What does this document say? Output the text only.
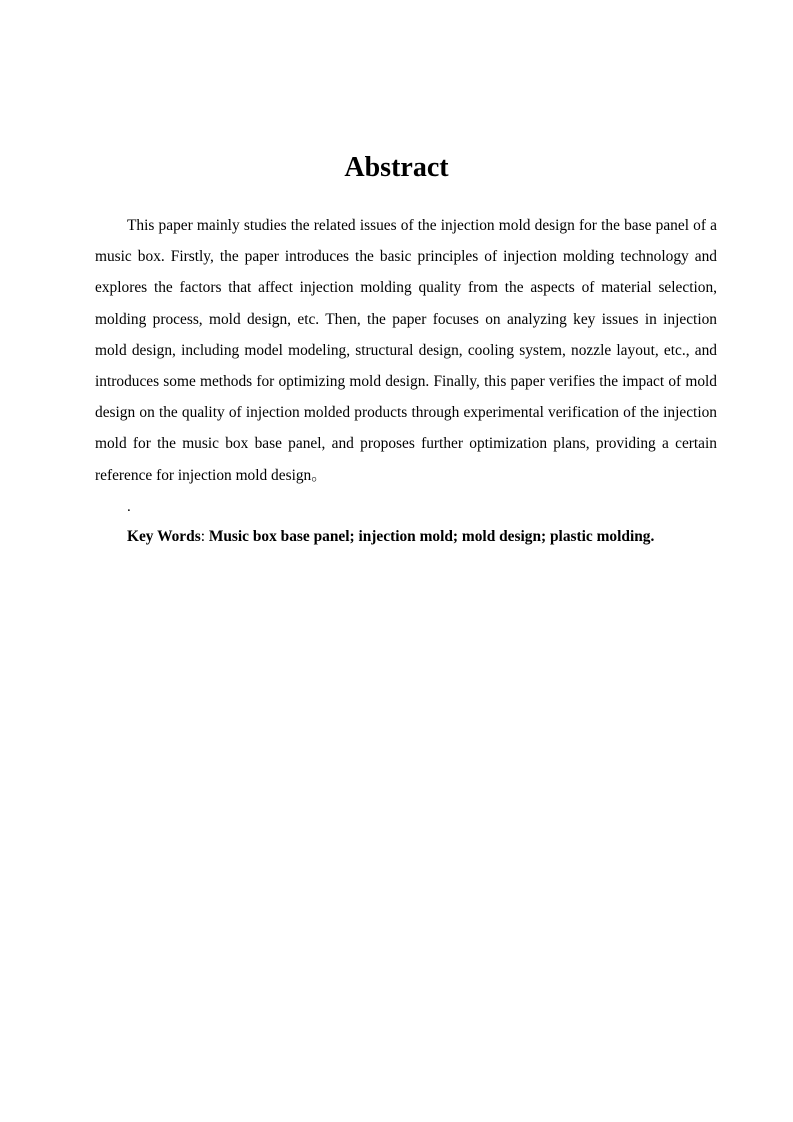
Abstract

This paper mainly studies the related issues of the injection mold design for the base panel of a music box. Firstly, the paper introduces the basic principles of injection molding technology and explores the factors that affect injection molding quality from the aspects of material selection, molding process, mold design, etc. Then, the paper focuses on analyzing key issues in injection mold design, including model modeling, structural design, cooling system, nozzle layout, etc., and introduces some methods for optimizing mold design. Finally, this paper verifies the impact of mold design on the quality of injection molded products through experimental verification of the injection mold for the music box base panel, and proposes further optimization plans, providing a certain reference for injection mold design。

.

Key Words: Music box base panel; injection mold; mold design; plastic molding.
